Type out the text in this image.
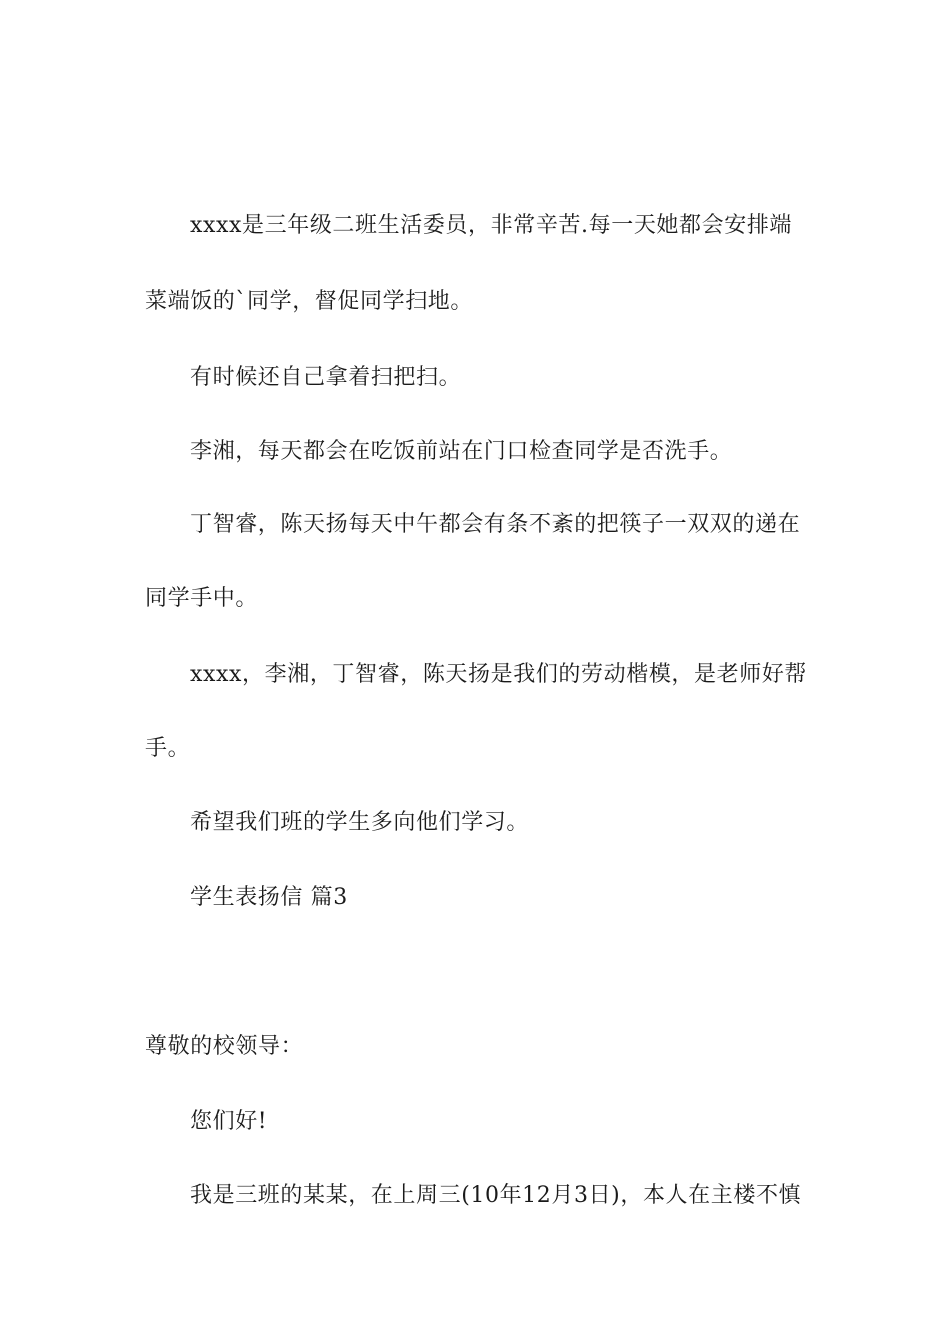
xxxx是三年级二班生活委员，非常辛苦.每一天她都会安排端
菜端饭的`同学，督促同学扫地。
有时候还自己拿着扫把扫。
李湘，每天都会在吃饭前站在门口检查同学是否洗手。
丁智睿，陈天扬每天中午都会有条不紊的把筷子一双双的递在
同学手中。
xxxx，李湘，丁智睿，陈天扬是我们的劳动楷模，是老师好帮
手。
希望我们班的学生多向他们学习。
学生表扬信 篇3
尊敬的校领导：
您们好!
我是三班的某某，在上周三(10年12月3日)，本人在主楼不慎
